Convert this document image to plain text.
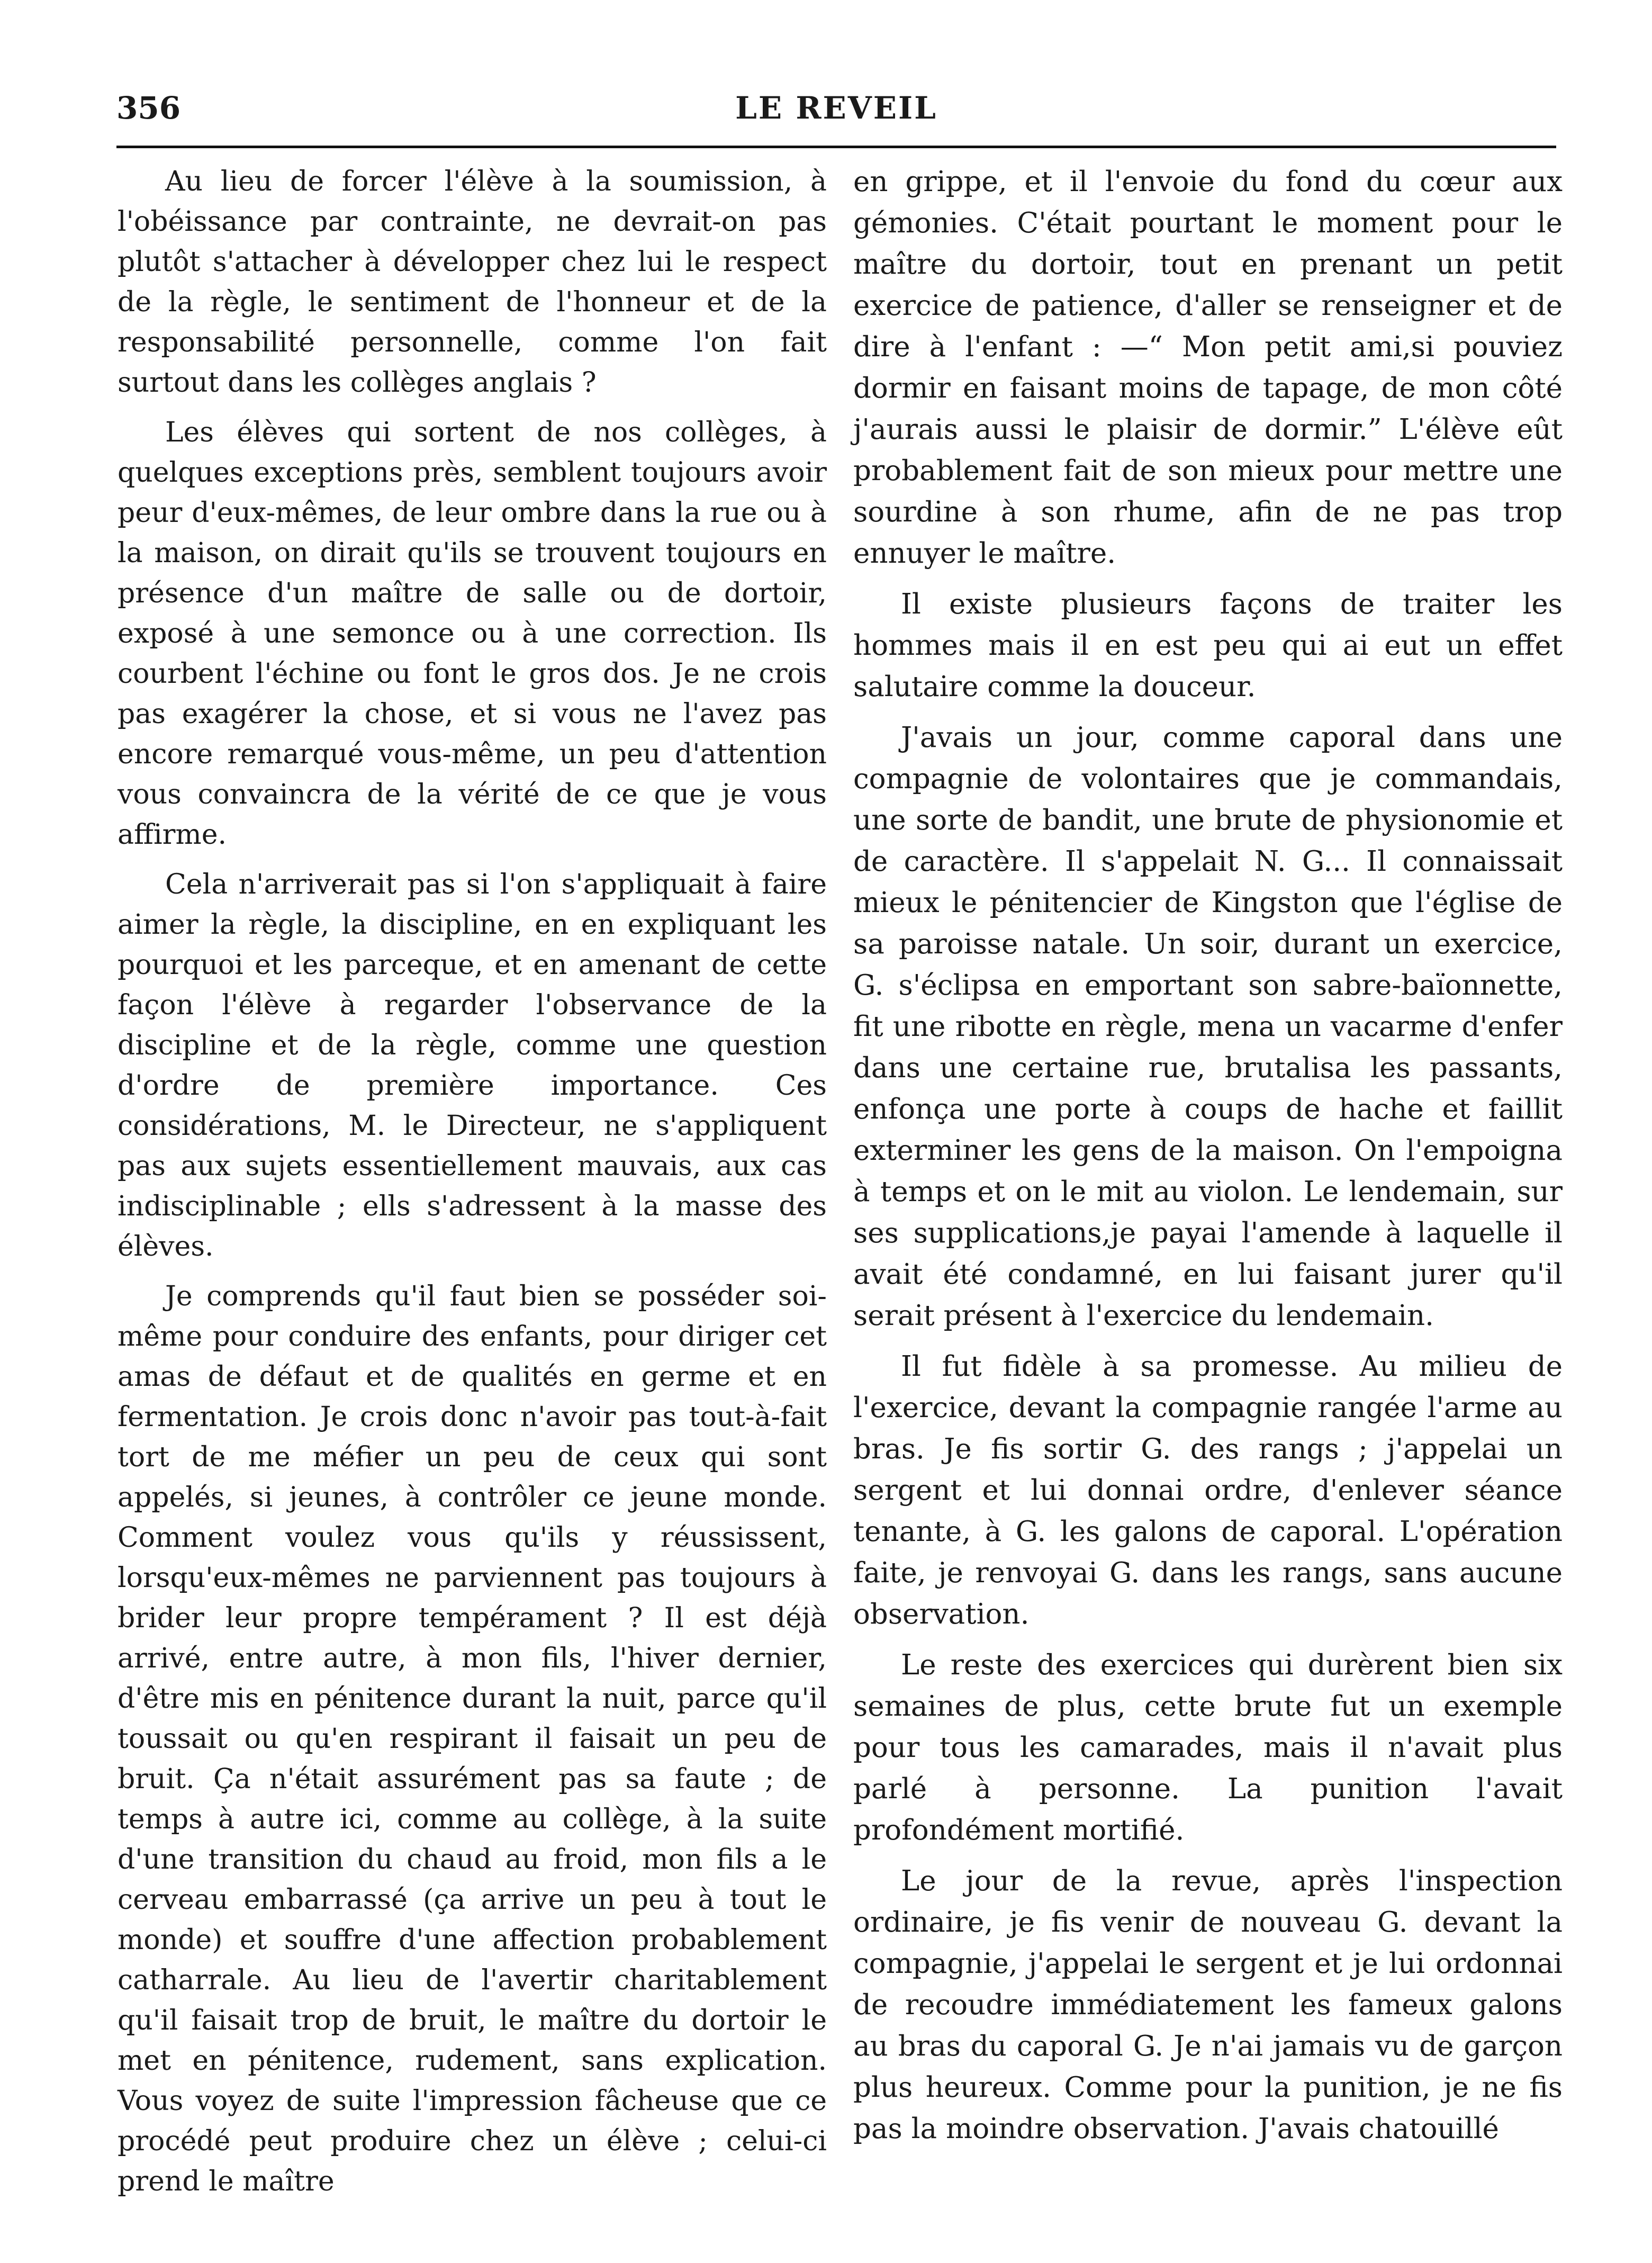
356	LE REVEIL

Au lieu de forcer l'élève à la soumission, à l'obéissance par contrainte, ne devrait-on pas plutôt s'attacher à développer chez lui le respect de la règle, le sentiment de l'honneur et de la responsabilité personnelle, comme l'on fait surtout dans les collèges anglais ?

Les élèves qui sortent de nos collèges, à quelques exceptions près, semblent toujours avoir peur d'eux-mêmes, de leur ombre dans la rue ou à la maison, on dirait qu'ils se trouvent toujours en présence d'un maître de salle ou de dortoir, exposé à une semonce ou à une correction. Ils courbent l'échine ou font le gros dos. Je ne crois pas exagérer la chose, et si vous ne l'avez pas encore remarqué vous-même, un peu d'attention vous convaincra de la vérité de ce que je vous affirme.

Cela n'arriverait pas si l'on s'appliquait à faire aimer la règle, la discipline, en en expliquant les pourquoi et les parceque, et en amenant de cette façon l'élève à regarder l'observance de la discipline et de la règle, comme une question d'ordre de première importance. Ces considérations, M. le Directeur, ne s'appliquent pas aux sujets essentiellement mauvais, aux cas indisciplinable ; ells s'adressent à la masse des élèves.

Je comprends qu'il faut bien se posséder soi-même pour conduire des enfants, pour diriger cet amas de défaut et de qualités en germe et en fermentation. Je crois donc n'avoir pas tout-à-fait tort de me méfier un peu de ceux qui sont appelés, si jeunes, à contrôler ce jeune monde. Comment voulez vous qu'ils y réussissent, lorsqu'eux-mêmes ne parviennent pas toujours à brider leur propre tempérament ? Il est déjà arrivé, entre autre, à mon fils, l'hiver dernier, d'être mis en pénitence durant la nuit, parce qu'il toussait ou qu'en respirant il faisait un peu de bruit. Ça n'était assurément pas sa faute ; de temps à autre ici, comme au collège, à la suite d'une transition du chaud au froid, mon fils a le cerveau embarrassé (ça arrive un peu à tout le monde) et souffre d'une affection probablement catharrale. Au lieu de l'avertir charitablement qu'il faisait trop de bruit, le maître du dortoir le met en pénitence, rudement, sans explication. Vous voyez de suite l'impression fâcheuse que ce procédé peut produire chez un élève ; celui-ci prend le maître

en grippe, et il l'envoie du fond du cœur aux gémonies. C'était pourtant le moment pour le maître du dortoir, tout en prenant un petit exercice de patience, d'aller se renseigner et de dire à l'enfant : —“ Mon petit ami,si pouviez dormir en faisant moins de tapage, de mon côté j'aurais aussi le plaisir de dormir.” L'élève eût probablement fait de son mieux pour mettre une sourdine à son rhume, afin de ne pas trop ennuyer le maître.

Il existe plusieurs façons de traiter les hommes mais il en est peu qui ai eut un effet salutaire comme la douceur.

J'avais un jour, comme caporal dans une compagnie de volontaires que je commandais, une sorte de bandit, une brute de physionomie et de caractère. Il s'appelait N. G... Il connaissait mieux le pénitencier de Kingston que l'église de sa paroisse natale. Un soir, durant un exercice, G. s'éclipsa en emportant son sabre-baïonnette, fit une ribotte en règle, mena un vacarme d'enfer dans une certaine rue, brutalisa les passants, enfonça une porte à coups de hache et faillit exterminer les gens de la maison. On l'empoigna à temps et on le mit au violon. Le lendemain, sur ses supplications,je payai l'amende à laquelle il avait été condamné, en lui faisant jurer qu'il serait présent à l'exercice du lendemain.

Il fut fidèle à sa promesse. Au milieu de l'exercice, devant la compagnie rangée l'arme au bras. Je fis sortir G. des rangs ; j'appelai un sergent et lui donnai ordre, d'enlever séance tenante, à G. les galons de caporal. L'opération faite, je renvoyai G. dans les rangs, sans aucune observation.

Le reste des exercices qui durèrent bien six semaines de plus, cette brute fut un exemple pour tous les camarades, mais il n'avait plus parlé à personne. La punition l'avait profondément mortifié.

Le jour de la revue, après l'inspection ordinaire, je fis venir de nouveau G. devant la compagnie, j'appelai le sergent et je lui ordonnai de recoudre immédiatement les fameux galons au bras du caporal G. Je n'ai jamais vu de garçon plus heureux. Comme pour la punition, je ne fis pas la moindre observation. J'avais chatouillé
